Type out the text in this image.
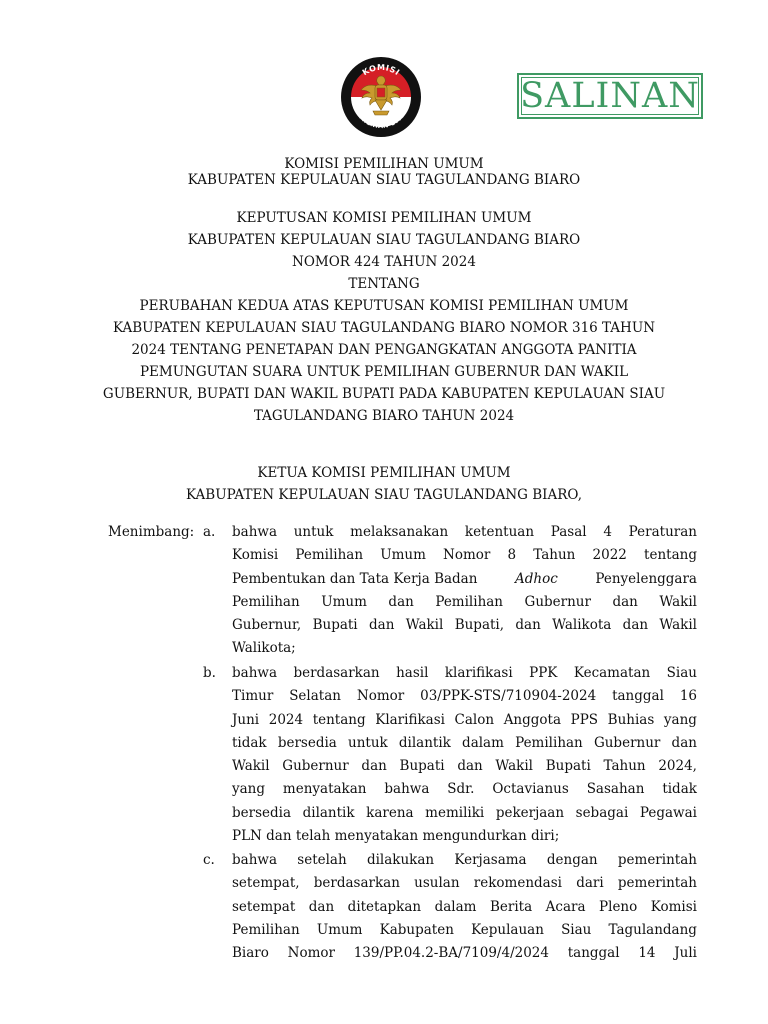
KOMISI
PEMILIHAN UMUM	SALINAN
KOMISI PEMILIHAN UMUM
KABUPATEN KEPULAUAN SIAU TAGULANDANG BIARO
KEPUTUSAN KOMISI PEMILIHAN UMUM
KABUPATEN KEPULAUAN SIAU TAGULANDANG BIARO
NOMOR 424 TAHUN 2024
TENTANG
PERUBAHAN KEDUA ATAS KEPUTUSAN KOMISI PEMILIHAN UMUM
KABUPATEN KEPULAUAN SIAU TAGULANDANG BIARO NOMOR 316 TAHUN
2024 TENTANG PENETAPAN DAN PENGANGKATAN ANGGOTA PANITIA
PEMUNGUTAN SUARA UNTUK PEMILIHAN GUBERNUR DAN WAKIL
GUBERNUR, BUPATI DAN WAKIL BUPATI PADA KABUPATEN KEPULAUAN SIAU
TAGULANDANG BIARO TAHUN 2024
KETUA KOMISI PEMILIHAN UMUM
KABUPATEN KEPULAUAN SIAU TAGULANDANG BIARO,
Menimbang: a.	bahwa untuk melaksanakan ketentuan Pasal 4 Peraturan
Komisi Pemilihan Umum Nomor 8 Tahun 2022 tentang
Pembentukan dan Tata Kerja Badan	Adhoc	Penyelenggara
Pemilihan Umum dan Pemilihan Gubernur dan Wakil
Gubernur, Bupati dan Wakil Bupati, dan Walikota dan Wakil
Walikota;
b.	bahwa berdasarkan hasil klarifikasi PPK Kecamatan Siau
Timur Selatan Nomor 03/PPK-STS/710904-2024 tanggal 16
Juni 2024 tentang Klarifikasi Calon Anggota PPS Buhias yang
tidak bersedia untuk dilantik dalam Pemilihan Gubernur dan
Wakil Gubernur dan Bupati dan Wakil Bupati Tahun 2024,
yang menyatakan bahwa Sdr. Octavianus Sasahan tidak
bersedia dilantik karena memiliki pekerjaan sebagai Pegawai
PLN dan telah menyatakan mengundurkan diri;
c.	bahwa setelah dilakukan Kerjasama dengan pemerintah
setempat, berdasarkan usulan rekomendasi dari pemerintah
setempat dan ditetapkan dalam Berita Acara Pleno Komisi
Pemilihan Umum Kabupaten Kepulauan Siau Tagulandang
Biaro Nomor 139/PP.04.2-BA/7109/4/2024 tanggal 14 Juli
